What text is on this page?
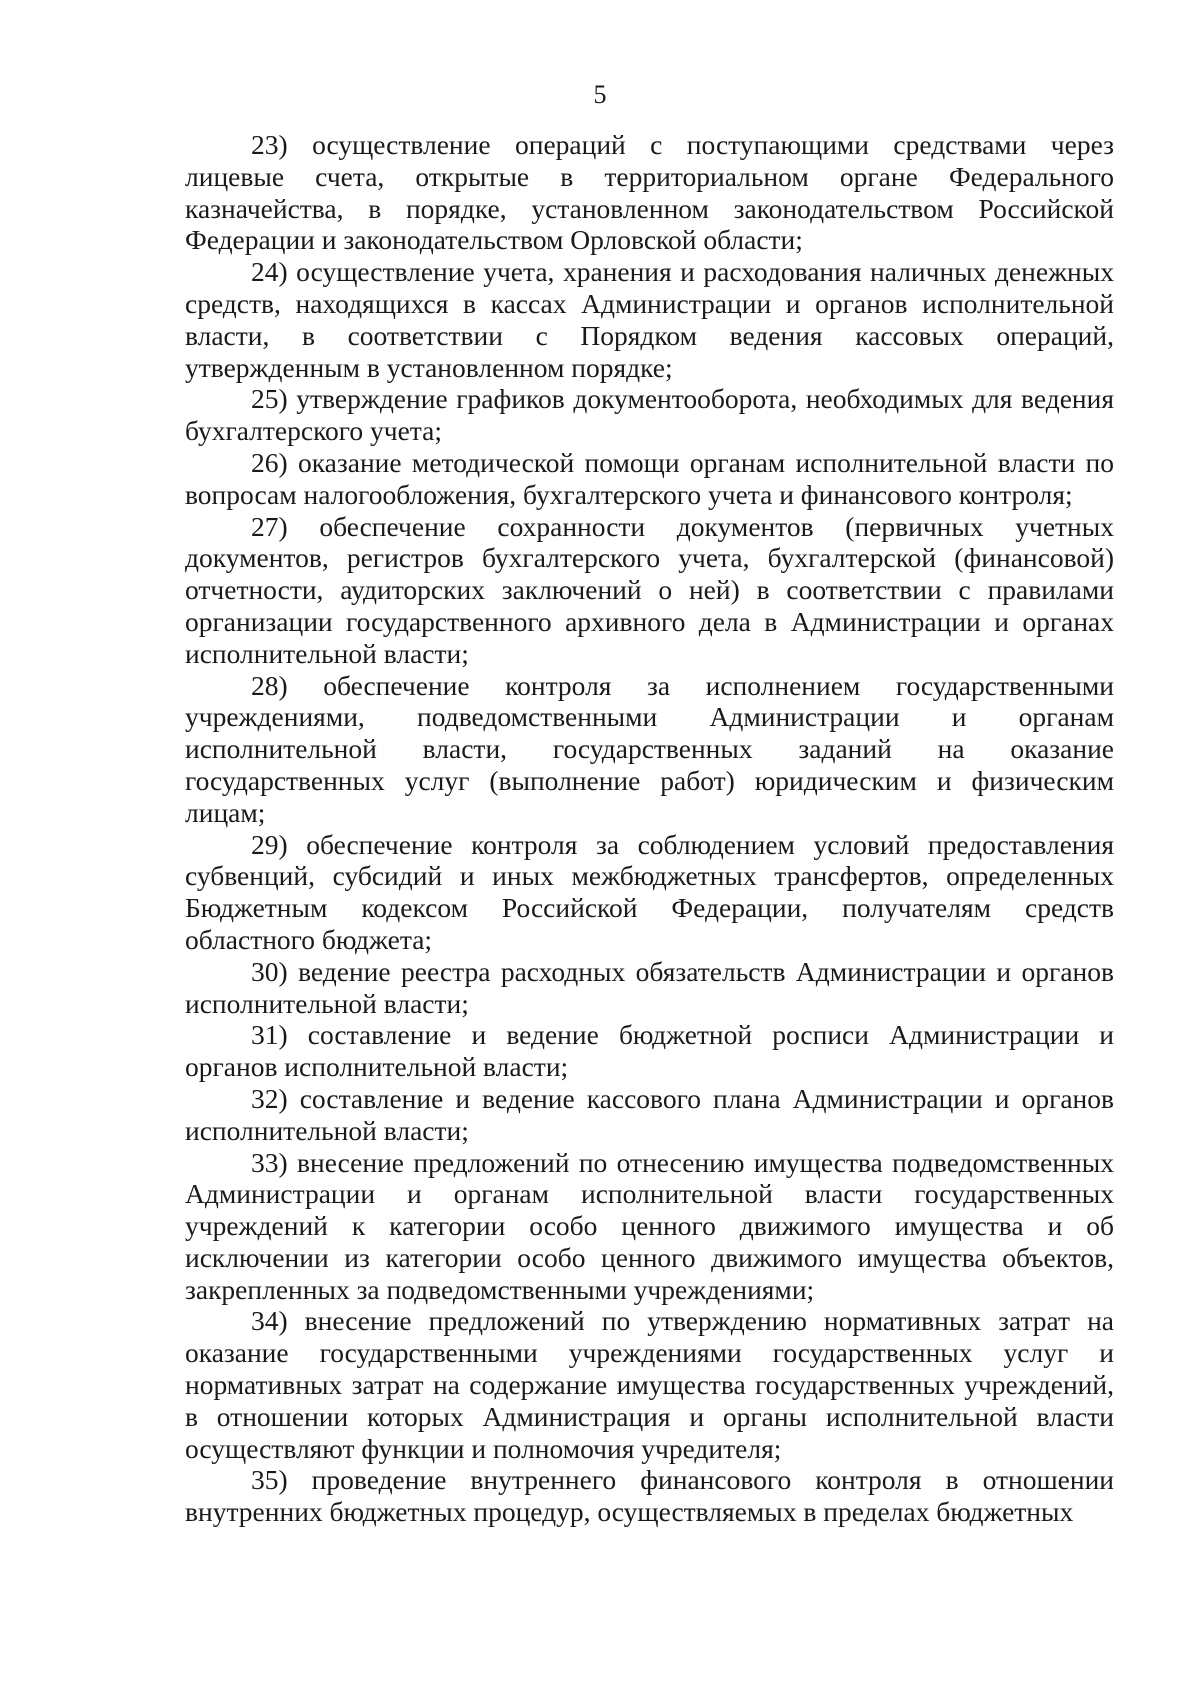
5

23) осуществление операций с поступающими средствами через лицевые счета, открытые в территориальном органе Федерального казначейства, в порядке, установленном законодательством Российской Федерации и законодательством Орловской области;

24) осуществление учета, хранения и расходования наличных денежных средств, находящихся в кассах Администрации и органов исполнительной власти, в соответствии с Порядком ведения кассовых операций, утвержденным в установленном порядке;

25) утверждение графиков документооборота, необходимых для ведения бухгалтерского учета;

26) оказание методической помощи органам исполнительной власти по вопросам налогообложения, бухгалтерского учета и финансового контроля;

27) обеспечение сохранности документов (первичных учетных документов, регистров бухгалтерского учета, бухгалтерской (финансовой) отчетности, аудиторских заключений о ней) в соответствии с правилами организации государственного архивного дела в Администрации и органах исполнительной власти;

28) обеспечение контроля за исполнением государственными учреждениями, подведомственными Администрации и органам исполнительной власти, государственных заданий на оказание государственных услуг (выполнение работ) юридическим и физическим лицам;

29) обеспечение контроля за соблюдением условий предоставления субвенций, субсидий и иных межбюджетных трансфертов, определенных Бюджетным кодексом Российской Федерации, получателям средств областного бюджета;

30) ведение реестра расходных обязательств Администрации и органов исполнительной власти;

31) составление и ведение бюджетной росписи Администрации и органов исполнительной власти;

32) составление и ведение кассового плана Администрации и органов исполнительной власти;

33) внесение предложений по отнесению имущества подведомственных Администрации и органам исполнительной власти государственных учреждений к категории особо ценного движимого имущества и об исключении из категории особо ценного движимого имущества объектов, закрепленных за подведомственными учреждениями;

34) внесение предложений по утверждению нормативных затрат на оказание государственными учреждениями государственных услуг и нормативных затрат на содержание имущества государственных учреждений, в отношении которых Администрация и органы исполнительной власти осуществляют функции и полномочия учредителя;

35) проведение внутреннего финансового контроля в отношении внутренних бюджетных процедур, осуществляемых в пределах бюджетных
